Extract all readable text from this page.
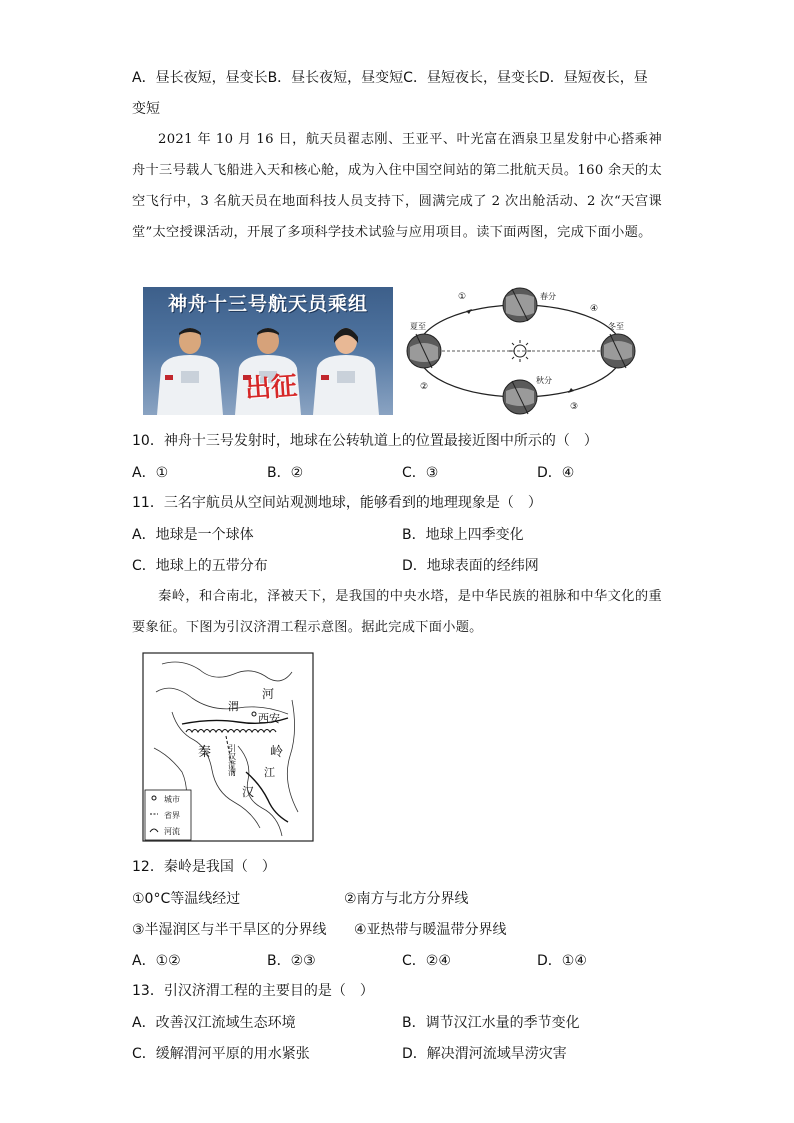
A．昼长夜短，昼变长B．昼长夜短，昼变短C．昼短夜长，昼变长D．昼短夜长，昼
变短
2021 年 10 月 16 日，航天员翟志刚、王亚平、叶光富在酒泉卫星发射中心搭乘神舟十三号载人飞船进入天和核心舱，成为入住中国空间站的第二批航天员。160 余天的太空飞行中，3 名航天员在地面科技人员支持下，圆满完成了 2 次出舱活动、2 次“天宫课堂”太空授课活动，开展了多项科学技术试验与应用项目。读下面两图，完成下面小题。
神舟十三号航天员乘组
出征
春分
夏至
秋分
冬至
①
②
③
④
10．神舟十三号发射时，地球在公转轨道上的位置最接近图中所示的（　）
A．①	B．②	C．③	D．④
11．三名宇航员从空间站观测地球，能够看到的地理现象是（　）
A．地球是一个球体	B．地球上四季变化
C．地球上的五带分布	D．地球表面的经纬网
秦岭，和合南北，泽被天下，是我国的中央水塔，是中华民族的祖脉和中华文化的重要象征。下图为引汉济渭工程示意图。据此完成下面小题。
河
渭
西安
秦	岭
汉
江
引汉济渭
城市
省界
河流
12．秦岭是我国（　）
①0°C等温线经过	②南方与北方分界线
③半湿润区与半干旱区的分界线	④亚热带与暖温带分界线
A．①②	B．②③	C．②④	D．①④
13．引汉济渭工程的主要目的是（　）
A．改善汉江流域生态环境	B．调节汉江水量的季节变化
C．缓解渭河平原的用水紧张	D．解决渭河流域旱涝灾害
